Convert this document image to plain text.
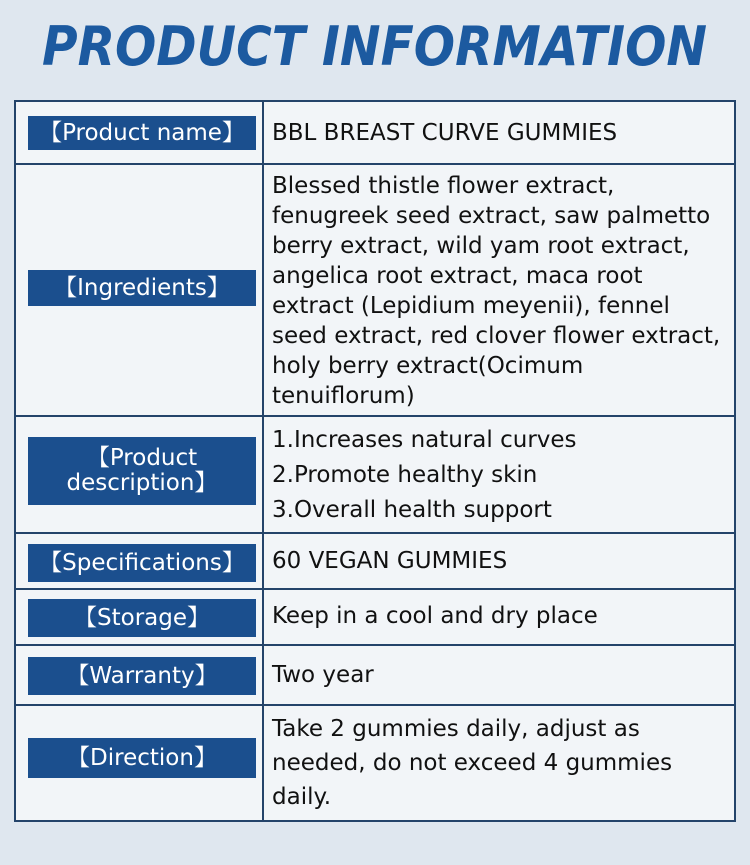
PRODUCT INFORMATION
【Product name】	BBL BREAST CURVE GUMMIES
【Ingredients】
Blessed thistle flower extract, fenugreek seed extract, saw palmetto berry extract, wild yam root extract, angelica root extract, maca root extract (Lepidium meyenii), fennel seed extract, red clover flower extract, holy berry extract(Ocimum tenuiflorum)
【Product description】
1.Increases natural curves
2.Promote healthy skin
3.Overall health support
【Specifications】	60 VEGAN GUMMIES
【Storage】	Keep in a cool and dry place
【Warranty】	Two year
【Direction】
Take 2 gummies daily, adjust as needed, do not exceed 4 gummies daily.
